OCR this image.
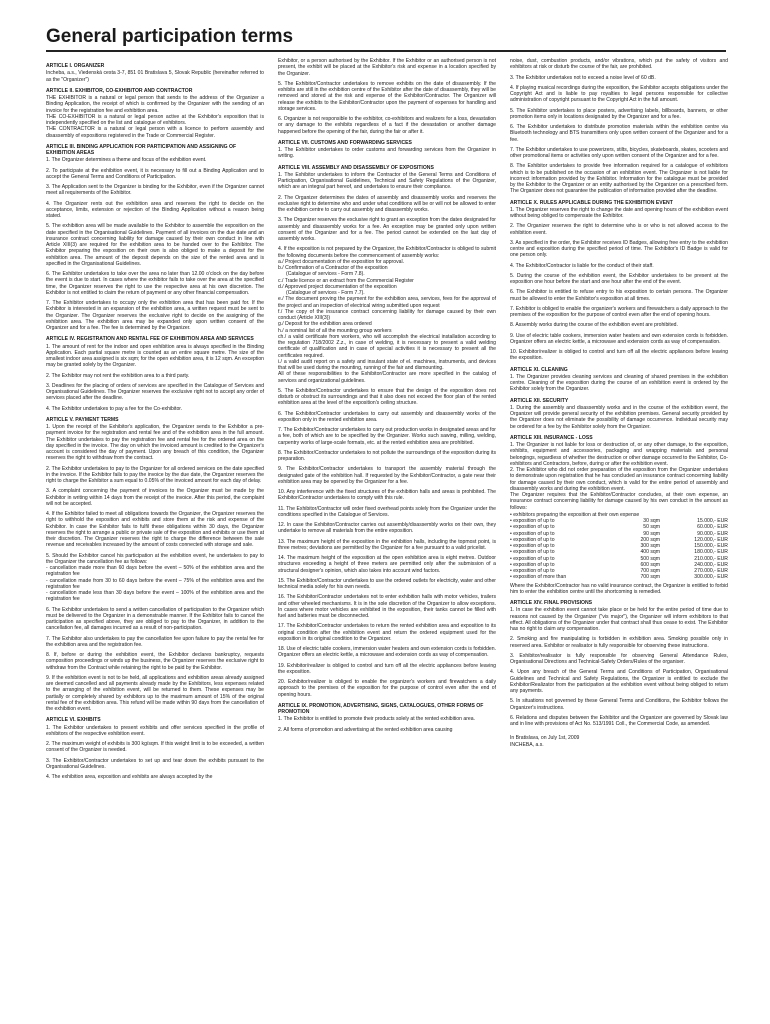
General participation terms
ARTICLE I. ORGANIZER

Incheba, a.s., Viedenská cesta 3-7, 851 01 Bratislava 5, Slovak Republic (hereinafter referred to as the "Organizer")

ARTICLE II. EXHIBITOR, CO-EXHIBITOR AND CONTRACTOR

THE EXHIBITOR is a natural or legal person that sends to the address of the Organizer a Binding Application, the receipt of which is confirmed by the Organizer with the sending of an invoice for the registration fee and exhibition area.

THE CO-EXHIBITOR is a natural or legal person active at the Exhibitor's exposition that is independently specified on the list and catalogue of exhibitors.

THE CONTRACTOR is a natural or legal person with a licence to perform assembly and disassembly of expositions registered in the Trade or Commercial Register.

ARTICLE III. BINDING APPLICATION FOR PARTICIPATION AND ASSIGNING OF EXHIBITION AREAS

1. The Organizer determines a theme and focus of the exhibition event.

2. To participate at the exhibition event, it is necessary to fill out a Binding Application and to accept the General Terms and Conditions of Participation.

3. The Application sent to the Organizer is binding for the Exhibitor, even if the Organizer cannot meet all requirements of the Exhibitor.

4. The Organizer rents out the exhibition area and reserves the right to decide on the acceptance, limits, extension or rejection of the Binding Application without a reason being stated.

5. The exhibition area will be made available to the Exhibitor to assemble the exposition on the date specified in the Organisational Guidelines. Payment of all invoices on the due date and an insurance contract concerning liability for damage caused by their own conduct in line with Article XIII(3) are required for the exhibition area to be handed over to the Exhibitor. The Exhibitor preparing the exposition on their own is also obliged to make a deposit for the exhibition area. The amount of the deposit depends on the size of the rented area and is specified in the Organisational Guidelines.

6. The Exhibitor undertakes to take over the area no later than 12.00 o'clock on the day before the event is due to start. In cases where the exhibitor fails to take over the area at the specified time, the Organizer reserves the right to use the respective area at his own discretion. The Exhibitor is not entitled to claim the return of payment or any other financial compensation.

7. The Exhibitor undertakes to occupy only the exhibition area that has been paid for. If the Exhibitor is interested in an expansion of the exhibition area, a written request must be sent to the Organizer. The Organizer reserves the exclusive right to decide on the assigning of the exhibition area. The exhibition area may be expanded only upon written consent of the Organizer and for a fee. The fee is determined by the Organizer.

ARTICLE IV. REGISTRATION AND RENTAL FEE OF EXHIBITION AREA AND SERVICES

1. The amount of rent for the indoor and open exhibition area is always specified in the Binding Application. Each partial square metre is counted as an entire square metre. The size of the smallest indoor area assigned is six sqm; for the open exhibition area, it is 12 sqm. An exception may be granted solely by the Organizer.

2. The Exhibitor may not rent the exhibition area to a third party.

3. Deadlines for the placing of orders of services are specified in the Catalogue of Services and Organisational Guidelines. The Organizer reserves the exclusive right not to accept any order of services placed after the deadline.

4. The Exhibitor undertakes to pay a fee for the Co-exhibitor.

ARTICLE V. PAYMENT TERMS

1. Upon the receipt of the Exhibitor's application, the Organizer sends to the Exhibitor a pre-payment invoice for the registration and rental fee and of the exhibition area in the full amount. The Exhibitor undertakes to pay the registration fee and rental fee for the ordered area on the day specified in the invoice. The day on which the invoiced amount is credited to the Organizer's account is considered the day of payment. Upon any breach of this condition, the Organizer reserves the right to withdraw from the contract.

2. The Exhibitor undertakes to pay to the Organizer for all ordered services on the date specified in the invoice. If the Exhibitor fails to pay the invoice by the due date, the Organizer reserves the right to charge the Exhibitor a sum equal to 0.05% of the invoiced amount for each day of delay.

3. A complaint concerning the payment of invoices to the Organizer must be made by the Exhibitor in writing within 14 days from the receipt of the invoice. After this period, the complaint will not be accepted.

4. If the Exhibitor failed to meet all obligations towards the Organizer, the Organizer reserves the right to withhold the exposition and exhibits and store them at the risk and expense of the Exhibitor. In case the Exhibitor fails to fulfil these obligations within 30 days, the Organizer reserves the right to arrange a public or private sale of the exposition and exhibits or use them at their discretion. The Organizer reserves the right to charge the difference between the sale revenue and receivables increased by the amount of costs connected with storage and sale.

5. Should the Exhibitor cancel his participation at the exhibition event, he undertakes to pay to the Organizer the cancellation fee as follows:

- cancellation made more than 60 days before the event – 50% of the exhibition area and the registration fee

- cancellation made from 30 to 60 days before the event – 75% of the exhibition area and the registration fee

- cancellation made less than 30 days before the event – 100% of the exhibition area and the registration fee

6. The Exhibitor undertakes to send a written cancellation of participation to the Organizer which must be delivered to the Organizer in a demonstrable manner. If the Exhibitor fails to cancel the participation as specified above, they are obliged to pay to the Organizer, in addition to the cancellation fee, all damages incurred as a result of non-participation.

7. The Exhibitor also undertakes to pay the cancellation fee upon failure to pay the rental fee for the exhibition area and the registration fee.

8. If, before or during the exhibition event, the Exhibitor declares bankruptcy, requests composition proceedings or winds up the business, the Organizer reserves the exclusive right to withdraw from the Contract while retaining the right to be paid by the Exhibitor.

9. If the exhibition event is not to be held, all applications and exhibition areas already assigned are deemed cancelled and all payments already made by the Exhibitors, less expenses related to the arranging of the exhibition event, will be returned to them. These expenses may be partially or completely shared by exhibitors up to the maximum amount of 15% of the original rental fee of the exhibition area. This refund will be made within 90 days from the cancellation of the exhibition event.

ARTICLE VI. EXHIBITS

1. The Exhibitor undertakes to present exhibits and offer services specified in the profile of exhibitors of the respective exhibition event.

2. The maximum weight of exhibits is 300 kg/sqm. If this weight limit is to be exceeded, a written consent of the Organizer is needed.

3. The Exhibitor/Contractor undertakes to set up and tear down the exhibits pursuant to the Organisational Guidelines.

4. The exhibition area, exposition and exhibits are always accepted by the

Exhibitor, or a person authorised by the Exhibitor. If the Exhibitor or an authorised person is not present, the exhibit will be placed at the Exhibitor's risk and expense in a location specified by the Organizer.

5. The Exhibitor/Contractor undertakes to remove exhibits on the date of disassembly. If the exhibits are still in the exhibition centre of the Exhibitor after the date of disassembly, they will be removed and stored at the risk and expense of the Exhibitor/Contractor. The Organizer will release the exhibits to the Exhibitor/Contractor upon the payment of expenses for handling and storage services.

6. Organizer is not responsible to the exhibitor, co-exhibitors and realizers for a loss, devastation or any damage to the exhibits regardless of a fact if the devastation or another damage happened before the opening of the fair, during the fair or after it.

ARTICLE VII. CUSTOMS AND FORWARDING SERVICES

1. The Exhibitor undertakes to order customs and forwarding services from the Organizer in writing.

ARTICLE VIII. ASSEMBLY AND DISASSEMBLY OF EXPOSITIONS

1. The Exhibitor undertakes to inform the Contractor of the General Terms and Conditions of Participation, Organisational Guidelines, Technical and Safety Regulations of the Organizer, which are an integral part hereof, and undertakes to ensure their compliance.

2. The Organizer determines the dates of assembly and disassembly works and reserves the exclusive right to determine who and under what conditions will be or will not be allowed to enter the exhibition centre to carry out assembly and disassembly works.

3. The Organizer reserves the exclusive right to grant an exception from the dates designated for assembly and disassembly works for a fee. An exception may be granted only upon written consent of the Organizer and for a fee. The period cannot be extended on the last day of assembly works.

4. If the exposition is not prepared by the Organizer, the Exhibitor/Contractor is obliged to submit the following documents before the commencement of assembly works:

a./ Project documentation of the exposition for approval.

b./ Confirmation of a Contractor of the exposition

(Catalogue of services - Form 7.8).

c./ Trade licence or an extract from the Commercial Register

d./ Approved project documentation of the exposition

(Catalogue of services - Form 7.7).

e./ The document proving the payment for the exhibition area, services, fees for the approval of the project and an inspection of electrical wiring submitted upon request

f./ The copy of the insurance contract concerning liability for damage caused by their own conduct (Article XIII(3))

g./ Deposit for the exhibition area ordered

h./ a nominal list of all the mounting group workers

ch./ a valid certificate from workers, who will accomplish the electrical installation according to the regulation 718/2002 Z.z., in case of welding, it is necessary to present a valid welding certificate of qualification and in case of special activities it is necessary to present all the certificates required.

i./ a valid audit report on a safety and insulant state of el. machines, instruments, and devices that will be used during the mounting, running of the fair and dismounting.

All of these responsibilities to the Exhibitor/Contractor are more specified in the catalog of services and organizational guidelines.

5. The Exhibitor/Contractor undertakes to ensure that the design of the exposition does not disturb or obstruct its surroundings and that it also does not exceed the floor plan of the rented exhibition area at the level of the exposition's ceiling structure.

6. The Exhibitor/Contractor undertakes to carry out assembly and disassembly works of the exposition only in the rented exhibition area.

7. The Exhibitor/Contractor undertakes to carry out production works in designated areas and for a fee, both of which are to be specified by the Organizer. Works such sawing, milling, welding, carpentry works of large-scale formats, etc. at the rented exhibition area are prohibited.

8. The Exhibitor/Contractor undertakes to not pollute the surroundings of the exposition during its preparation.

9. The Exhibitor/Contractor undertakes to transport the assembly material through the designated gate of the exhibition hall. If requested by the Exhibitor/Contractor, a gate near their exhibition area may be opened by the Organizer for a fee.

10. Any interference with the fixed structures of the exhibition halls and areas is prohibited. The Exhibitor/Contractor undertakes to comply with this rule.

11. The Exhibitor/Contractor will order fixed overhead points solely from the Organizer under the conditions specified in the Catalogue of Services.

12. In case the Exhibitor/Contractor carries out assembly/disassembly works on their own, they undertake to remove all materials from the entire exposition.

13. The maximum height of the exposition in the exhibition halls, including the topmost point, is three metres; deviations are permitted by the Organizer for a fee pursuant to a valid pricelist.

14. The maximum height of the exposition at the open exhibition area is eight metres. Outdoor structures exceeding a height of three meters are permitted only after the submission of a structural designer's opinion, which also takes into account wind factors.

15. The Exhibitor/Contractor undertakes to use the ordered outlets for electricity, water and other technical media solely for his own needs.

16. The Exhibitor/Contractor undertakes not to enter exhibition halls with motor vehicles, trailers and other wheeled mechanisms. It is in the sole discretion of the Organizer to allow exceptions. In cases where motor vehicles are exhibited in the exposition, their tanks cannot be filled with fuel and batteries must be disconnected.

17. The Exhibitor/Contractor undertakes to return the rented exhibition area and exposition to its original condition after the exhibition event and return the ordered equipment used for the exposition in its original condition to the Organizer.

18. Use of electric table cookers, immersion water heaters and own extension cords is forbidden. Organizer offers an electric kettle, a microwave and extension cords as way of compensation.

19. Exhibitor/realizer is obliged to control and turn off all the electric appliances before leaving the exposition.

20. Exhibitor/realizer is obliged to enable the organizer's workers and firewatchers a daily approach to the premises of the exposition for the purpose of control even after the end of opening hours.

ARTICLE IX. PROMOTION, ADVERTISING, SIGNS, CATALOGUES, OTHER FORMS OF PROMOTION

1. The Exhibitor is entitled to promote their products solely at the rented exhibition area.

2. All forms of promotion and advertising at the rented exhibition area causing

noise, dust, combustion products, and/or vibrations, which put the safety of visitors and exhibitors at risk or disturb the course of the fair, are prohibited.

3. The Exhibitor undertakes not to exceed a noise level of 60 dB.

4. If playing musical recordings during the exposition, the Exhibitor accepts obligations under the Copyright Act and is liable to pay royalties to legal persons responsible for collective administration of copyright pursuant to the Copyright Act in the full amount.

5. The Exhibitor undertakes to place posters, advertising labels, billboards, banners, or other promotion items only in locations designated by the Organizer and for a fee.

6. The Exhibitor undertakes to distribute promotion materials within the exhibition centre via Bluetooth technology and BTS transmitters only upon written consent of the Organizer and for a fee.

7. The Exhibitor undertakes to use powerizers, stilts, bicycles, skateboards, skates, scooters and other promotional items or activities only upon written consent of the Organizer and for a fee.

8. The Exhibitor undertakes to provide free information required for a catalogue of exhibitors which is to be published on the occasion of an exhibition event. The Organizer is not liable for incorrect information provided by the Exhibitor. Information for the catalogue must be provided by the Exhibitor to the Organizer or an entity authorised by the Organizer on a prescribed form. The Organizer does not guarantee the publication of information provided after the deadline.

ARTICLE X. RULES APPLICABLE DURING THE EXHIBITION EVENT

1. The Organizer reserves the right to change the date and opening hours of the exhibition event without being obliged to compensate the Exhibitor.

2. The Organizer reserves the right to determine who is or who is not allowed access to the exhibition event.

3. As specified in the order, the Exhibitor receives ID Badges, allowing free entry to the exhibition centre and exposition during the specified period of time. The Exhibitor's ID Badge is valid for one person only.

4. The Exhibitor/Contractor is liable for the conduct of their staff.

5. During the course of the exhibition event, the Exhibitor undertakes to be present at the exposition one hour before the start and one hour after the end of the event.

6. The Exhibitor is entitled to refuse entry to his exposition to certain persons. The Organizer must be allowed to enter the Exhibitor's exposition at all times.

7. Exhibitor is obliged to enable the organizer's workers and firewatchers a daily approach to the premises of the exposition for the purpose of control even after the end of opening hours.

8. Assembly works during the course of the exhibition event are prohibited.

9. Use of electric table cookers, immersion water heaters and own extension cords is forbidden. Organizer offers an electric kettle, a microwave and extension cords as way of compensation.

10. Exhibitor/realizer is obliged to control and turn off all the electric appliances before leaving the exposition.

ARTICLE XI. CLEANING

1. The Organizer provides cleaning services and cleaning of shared premises in the exhibition centre. Cleaning of the exposition during the course of an exhibition event is ordered by the Exhibitor solely from the Organizer.

ARTICLE XII. SECURITY

1. During the assembly and disassembly works and in the course of the exhibition event, the Organizer will provide general security of the exhibition premises. General security provided by the Organizer does not eliminate the possibility of damage occurrence. Individual security may be ordered for a fee by the Exhibitor solely from the Organizer.

ARTICLE XIII. INSURANCE - LOSS

1. The Organizer is not liable for loss or destruction of, or any other damage, to the exposition, exhibits, equipment and accessories, packaging and wrapping materials and personal belongings, regardless of whether the destruction or other damage occurred to the Exhibitor, Co-exhibitors and Contractors, before, during or after the exhibition event.

2. The Exhibitor who did not order preparation of the exposition from the Organizer undertakes to demonstrate upon registration that he has concluded an insurance contract concerning liability for damage caused by their own conduct, which is valid for the entire period of assembly and disassembly works and during the exhibition event.

The Organizer requires that the Exhibitor/Contractor concludes, at their own expense, an insurance contract concerning liability for damage caused by his own conduct in the amount as follows:

• exhibitors preparing the exposition at their own expense
• exposition of up to	30 sqm	15.000,- EUR
• exposition of up to	50 sqm	60.000,- EUR
• exposition of up to	90 sqm	90.000,- EUR
• exposition of up to	200 sqm	120.000,- EUR
• exposition of up to	300 sqm	150.000,- EUR
• exposition of up to	400 sqm	180.000,- EUR
• exposition of up to	500 sqm	210.000,- EUR
• exposition of up to	600 sqm	240.000,- EUR
• exposition of up to	700 sqm	270.000,- EUR
• exposition of more than	700 sqm	300.000,- EUR

Where the Exhibitor/Contractor has no valid insurance contract, the Organizer is entitled to forbid him to enter the exhibition centre until the shortcoming is remedied.

ARTICLE XIV. FINAL PROVISIONS

1. In case the exhibition event cannot take place or be held for the entire period of time due to reasons not caused by the Organizer ("vis major"), the Organizer will inform exhibitors to that effect. All obligations of the Organizer under that contract shall thus cease to exist. The Exhibitor has no right to claim any compensation.

2. Smoking and fire manipulating is forbidden in exhibition area. Smoking possible only in reserved area. Exhibitor or realisator is fully responsible for observing these instructions.

3. Exhibitor/realisator is fully responsible for observing General Attendance Rules, Organisational Directions and Technical-Safety Orders/Rules of the organiser.

4. Upon any breach of the General Terms and Conditions of Participation, Organisational Guidelines and Technical and Safety Regulations, the Organizer is entitled to exclude the Exhibitor/Realizator from the participation at the exhibition event without being obliged to return any payments.

5. In situations not governed by these General Terms and Conditions, the Exhibitor follows the Organizer's instructions.

6. Relations and disputes between the Exhibitor and the Organizer are governed by Slovak law and in line with provisions of Act No. 513/1991 Coll., the Commercial Code, as amended.

In Bratislava, on July 1st, 2009
INCHEBA, a.s.
